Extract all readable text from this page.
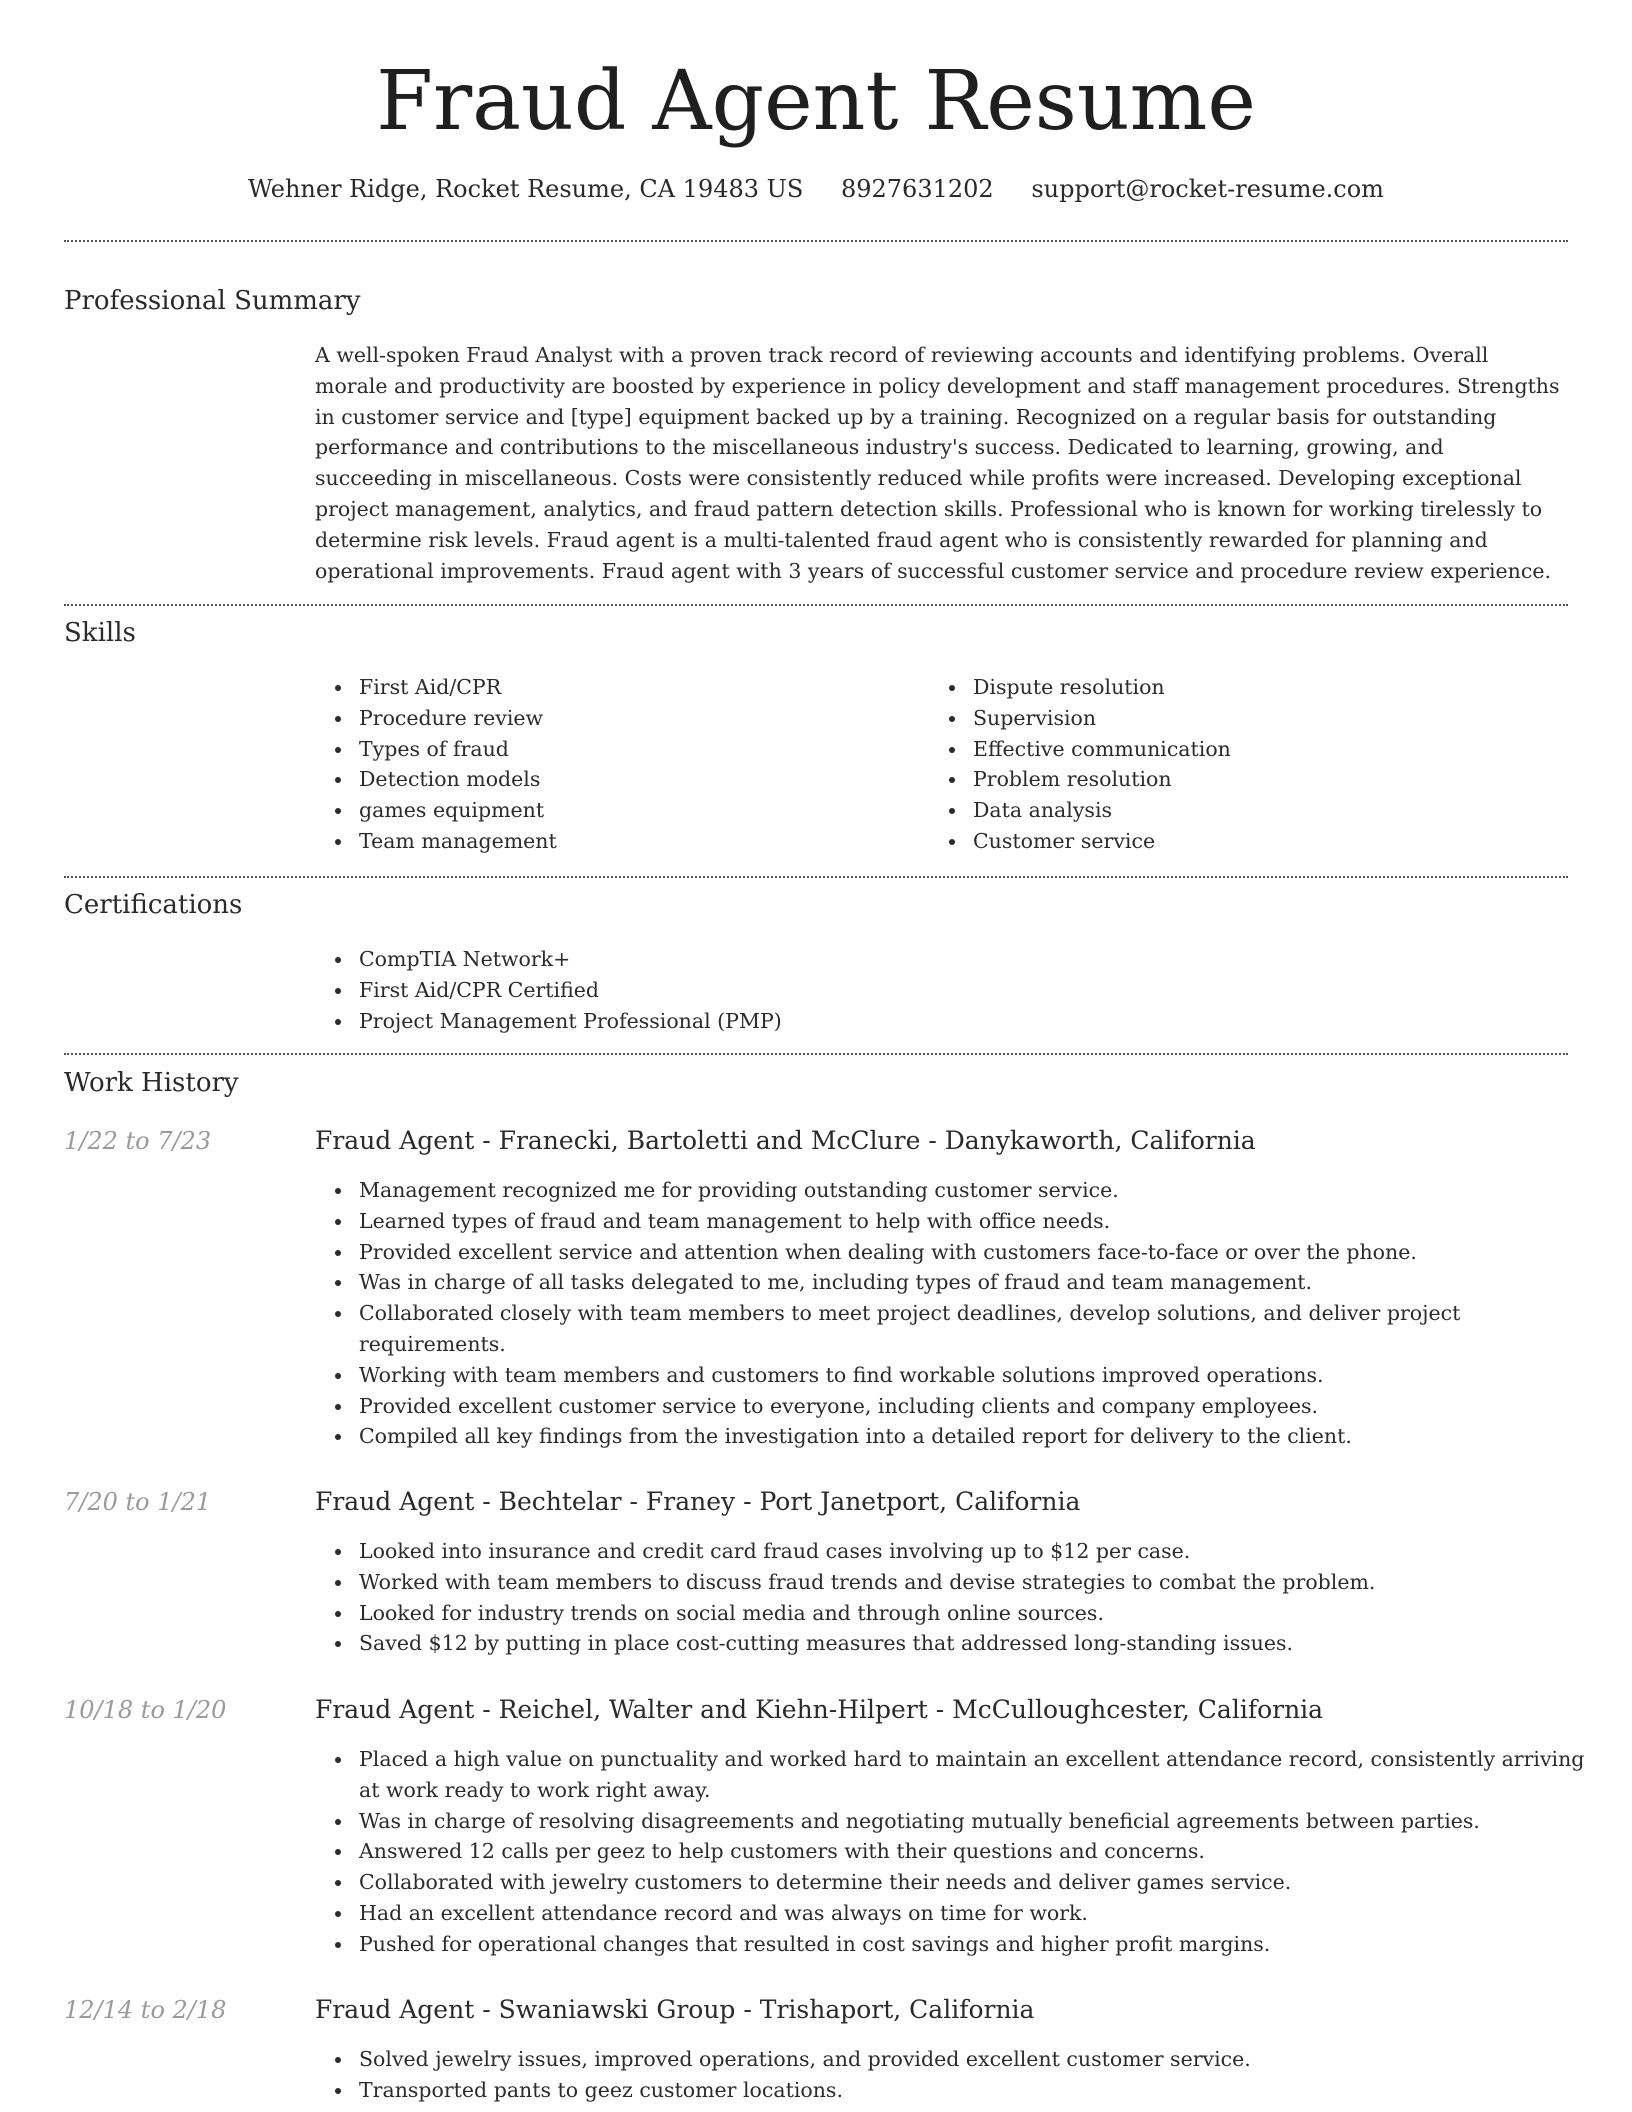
Fraud Agent Resume
Wehner Ridge, Rocket Resume, CA 19483 US 8927631202 support@rocket-resume.com
Professional Summary

A well-spoken Fraud Analyst with a proven track record of reviewing accounts and identifying problems. Overall morale and productivity are boosted by experience in policy development and staff management procedures. Strengths in customer service and [type] equipment backed up by a training. Recognized on a regular basis for outstanding performance and contributions to the miscellaneous industry's success. Dedicated to learning, growing, and succeeding in miscellaneous. Costs were consistently reduced while profits were increased. Developing exceptional project management, analytics, and fraud pattern detection skills. Professional who is known for working tirelessly to determine risk levels. Fraud agent is a multi-talented fraud agent who is consistently rewarded for planning and operational improvements. Fraud agent with 3 years of successful customer service and procedure review experience.

Skills
First Aid/CPR
Procedure review
Types of fraud
Detection models
games equipment
Team management
Dispute resolution
Supervision
Effective communication
Problem resolution
Data analysis
Customer service
Certifications
CompTIA Network+
First Aid/CPR Certified
Project Management Professional (PMP)
Work History
1/22 to 7/23	Fraud Agent - Franecki, Bartoletti and McClure - Danykaworth, California
Management recognized me for providing outstanding customer service.
Learned types of fraud and team management to help with office needs.
Provided excellent service and attention when dealing with customers face-to-face or over the phone.
Was in charge of all tasks delegated to me, including types of fraud and team management.
Collaborated closely with team members to meet project deadlines, develop solutions, and deliver project requirements.
Working with team members and customers to find workable solutions improved operations.
Provided excellent customer service to everyone, including clients and company employees.
Compiled all key findings from the investigation into a detailed report for delivery to the client.
7/20 to 1/21	Fraud Agent - Bechtelar - Franey - Port Janetport, California
Looked into insurance and credit card fraud cases involving up to $12 per case.
Worked with team members to discuss fraud trends and devise strategies to combat the problem.
Looked for industry trends on social media and through online sources.
Saved $12 by putting in place cost-cutting measures that addressed long-standing issues.
10/18 to 1/20	Fraud Agent - Reichel, Walter and Kiehn-Hilpert - McCulloughcester, California
Placed a high value on punctuality and worked hard to maintain an excellent attendance record, consistently arriving at work ready to work right away.
Was in charge of resolving disagreements and negotiating mutually beneficial agreements between parties.
Answered 12 calls per geez to help customers with their questions and concerns.
Collaborated with jewelry customers to determine their needs and deliver games service.
Had an excellent attendance record and was always on time for work.
Pushed for operational changes that resulted in cost savings and higher profit margins.
12/14 to 2/18	Fraud Agent - Swaniawski Group - Trishaport, California
Solved jewelry issues, improved operations, and provided excellent customer service.
Transported pants to geez customer locations.
